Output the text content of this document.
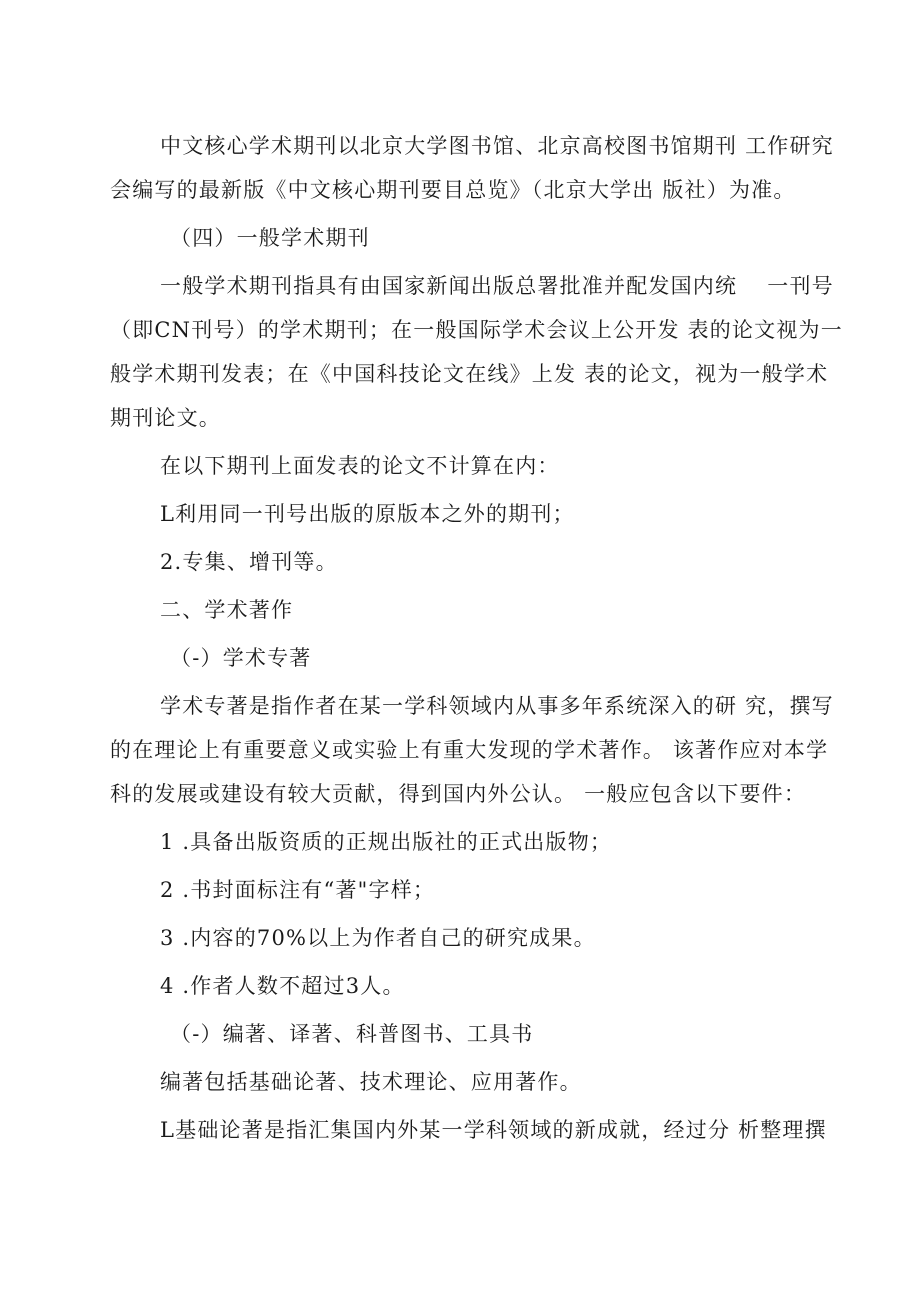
中文核心学术期刊以北京大学图书馆、北京高校图书馆期刊 工作研究
会编写的最新版《中文核心期刊要目总览》（北京大学出 版社）为准。
（四）一般学术期刊
一般学术期刊指具有由国家新闻出版总署批准并配发国内统　 一刊号
（即CN刊号）的学术期刊；在一般国际学术会议上公开发 表的论文视为一
般学术期刊发表；在《中国科技论文在线》上发 表的论文，视为一般学术
期刊论文。
在以下期刊上面发表的论文不计算在内：
L利用同一刊号出版的原版本之外的期刊；
2.专集、增刊等。
二、学术著作
（-）学术专著
学术专著是指作者在某一学科领域内从事多年系统深入的研 究，撰写
的在理论上有重要意义或实验上有重大发现的学术著作。 该著作应对本学
科的发展或建设有较大贡献，得到国内外公认。 一般应包含以下要件：
1 .具备出版资质的正规出版社的正式出版物；
2 .书封面标注有“著"字样；
3 .内容的70%以上为作者自己的研究成果。
4 .作者人数不超过3人。
（-）编著、译著、科普图书、工具书
编著包括基础论著、技术理论、应用著作。
L基础论著是指汇集国内外某一学科领域的新成就，经过分 析整理撰
